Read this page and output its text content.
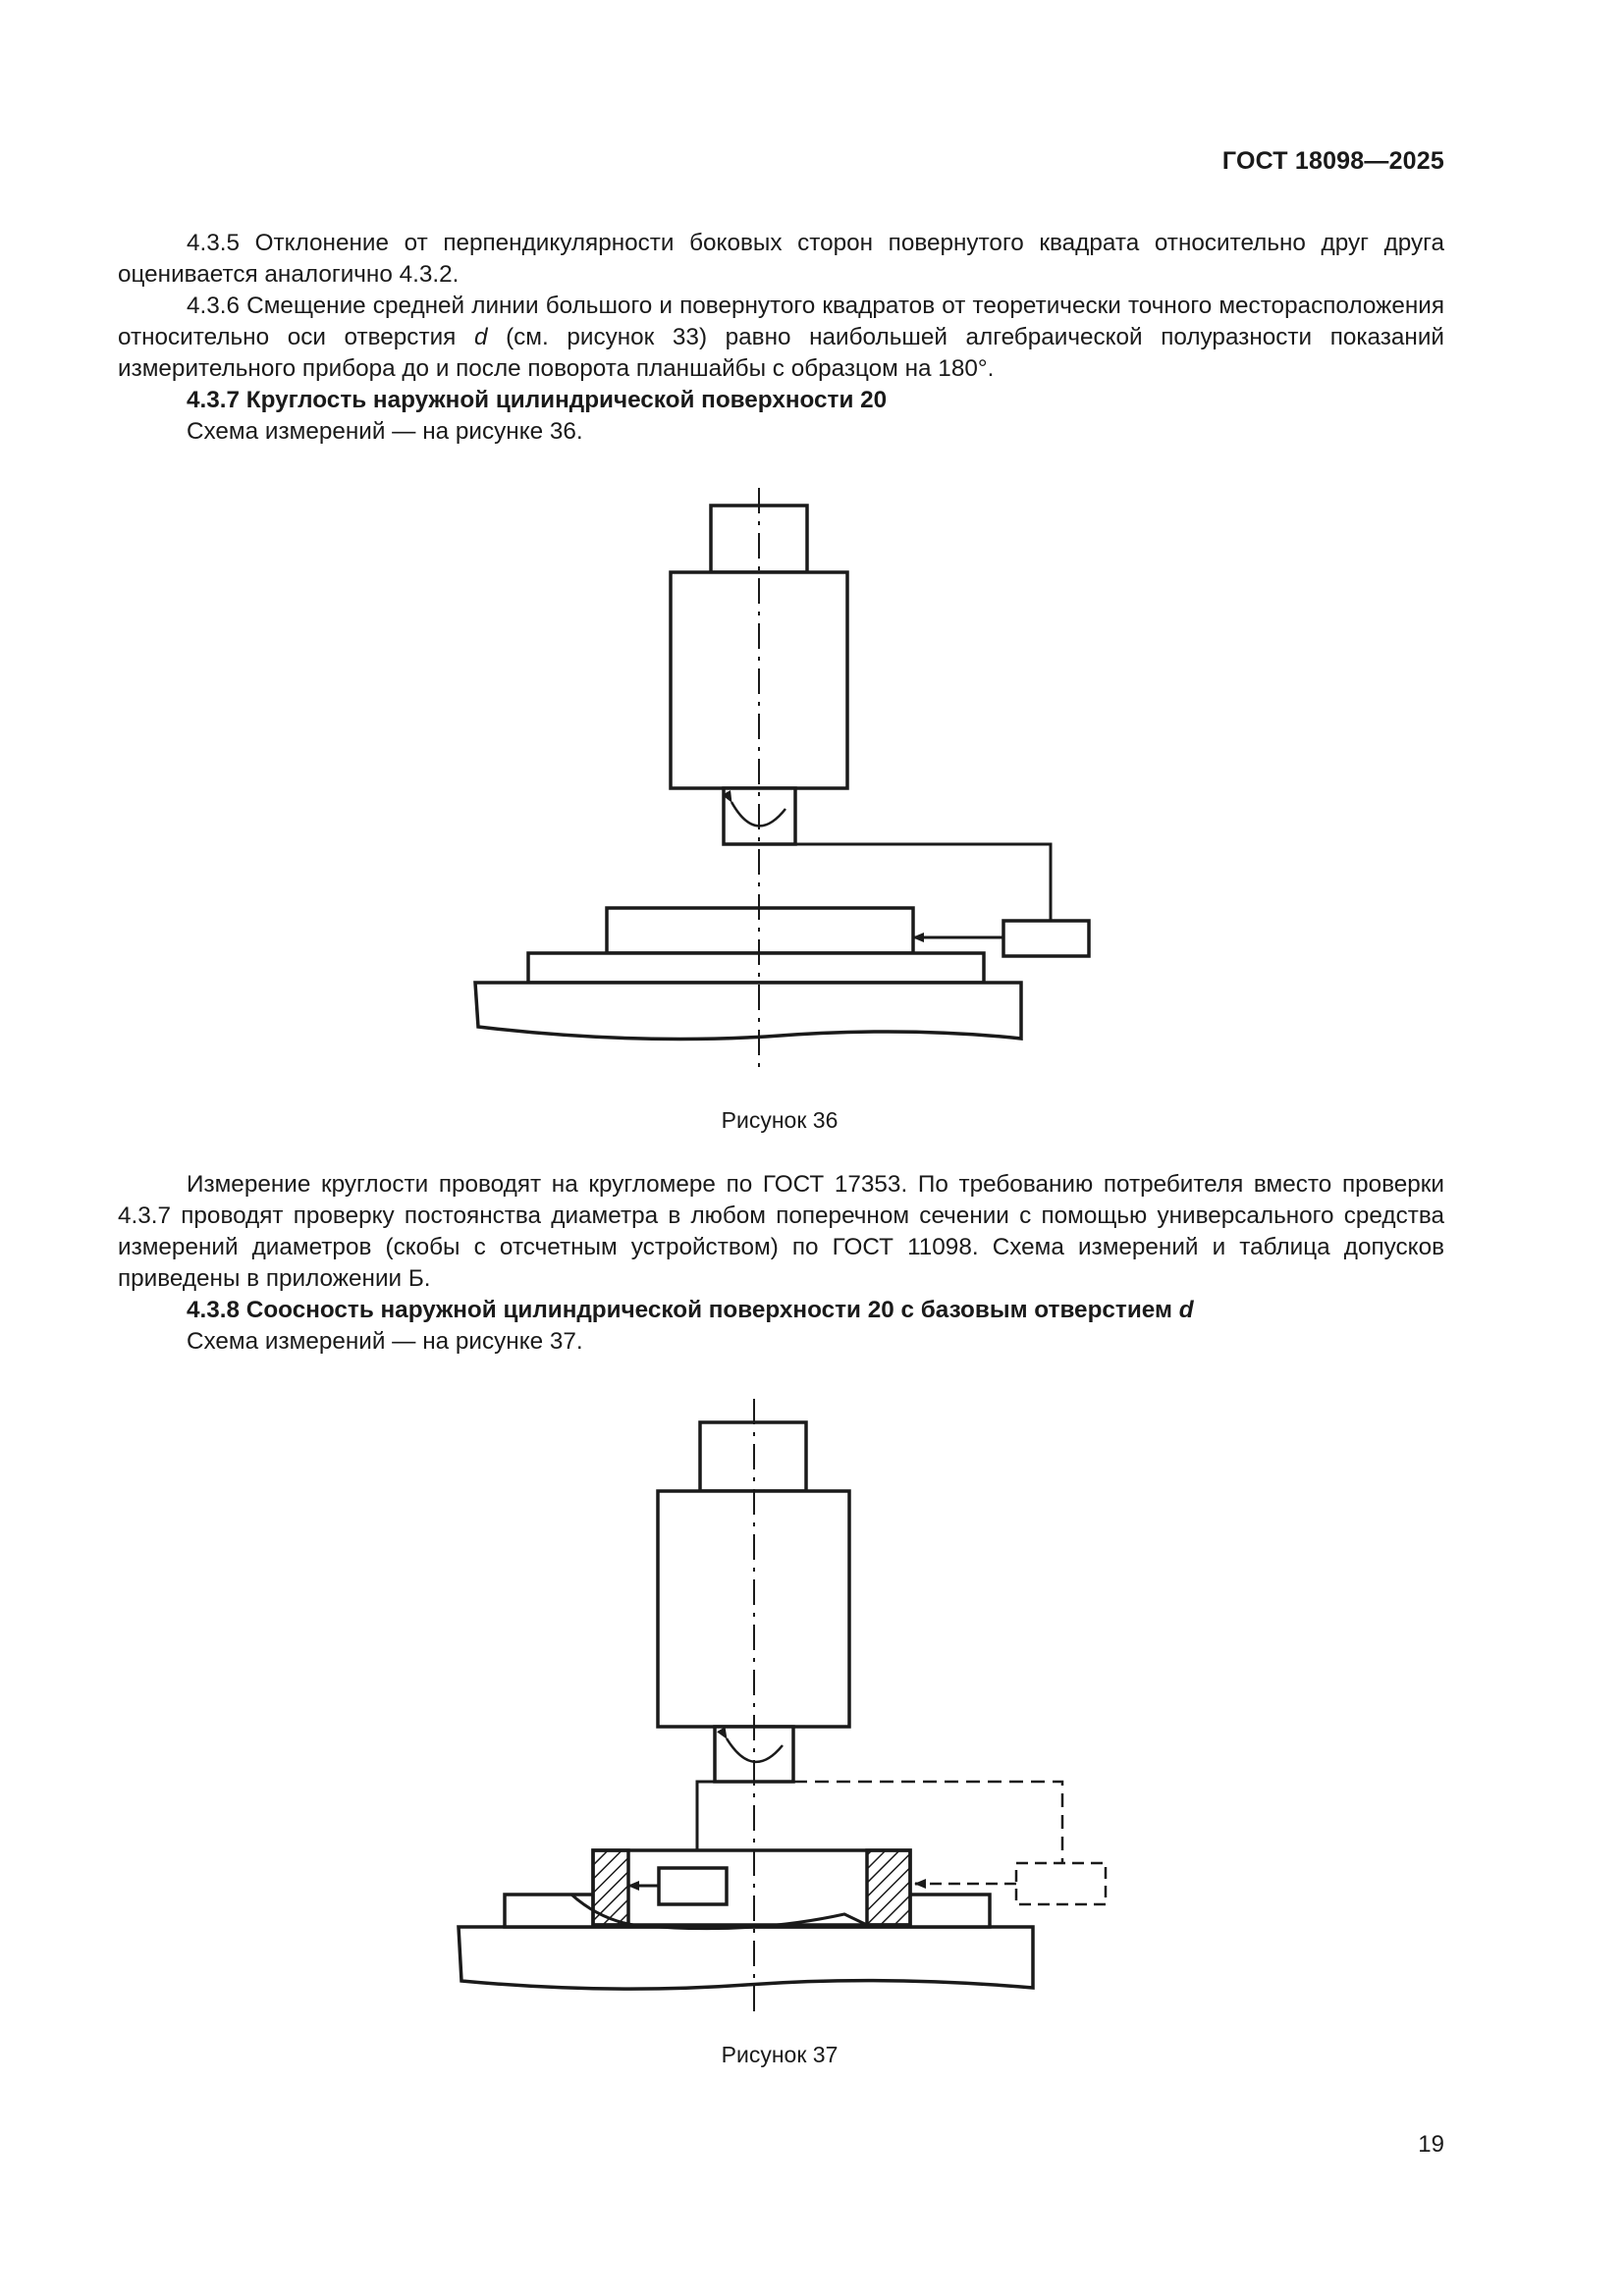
ГОСТ 18098—2025

4.3.5 Отклонение от перпендикулярности боковых сторон повернутого квадрата относительно друг друга оценивается аналогично 4.3.2.

4.3.6 Смещение средней линии большого и повернутого квадратов от теоретически точного месторасположения относительно оси отверстия d (см. рисунок 33) равно наибольшей алгебраической полуразности показаний измерительного прибора до и после поворота планшайбы с образцом на 180°.

4.3.7 Круглость наружной цилиндрической поверхности 20

Схема измерений — на рисунке 36.

Рисунок 36

Измерение круглости проводят на кругломере по ГОСТ 17353. По требованию потребителя вместо проверки 4.3.7 проводят проверку постоянства диаметра в любом поперечном сечении с помощью универсального средства измерений диаметров (скобы с отсчетным устройством) по ГОСТ 11098. Схема измерений и таблица допусков приведены в приложении Б.

4.3.8 Соосность наружной цилиндрической поверхности 20 с базовым отверстием d

Схема измерений — на рисунке 37.

Рисунок 37
19
